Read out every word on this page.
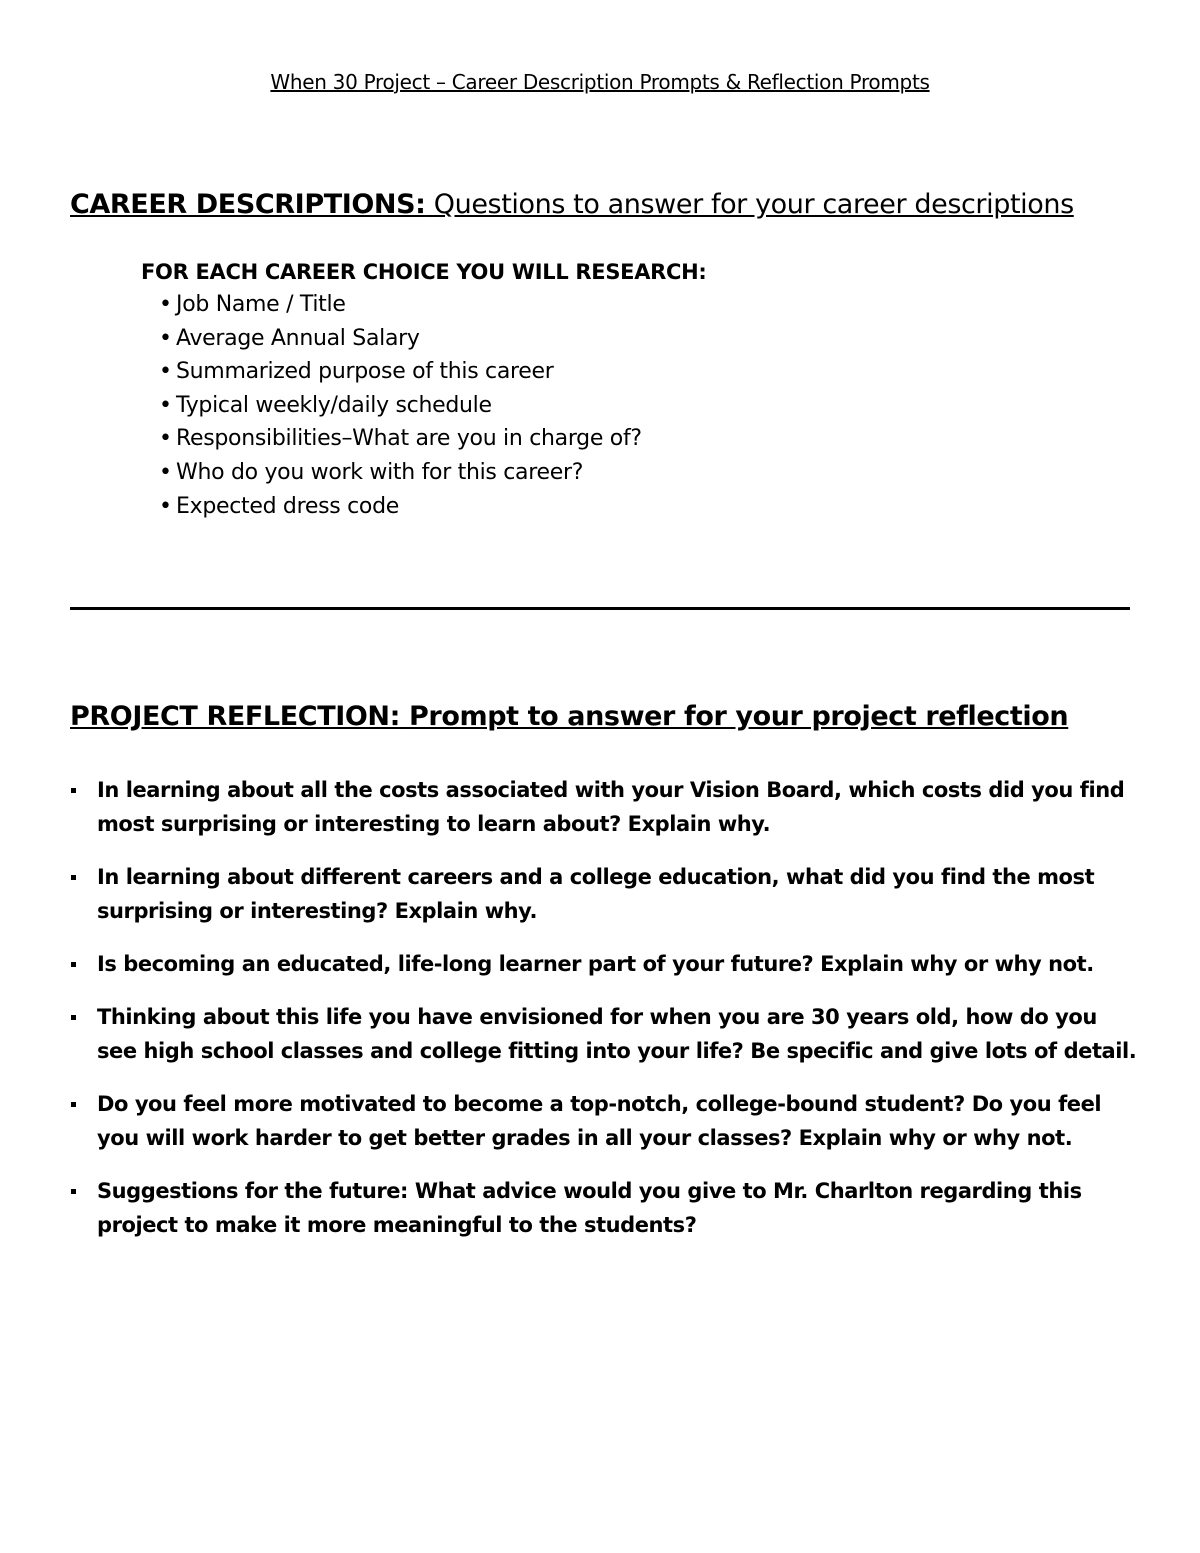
When 30 Project – Career Description Prompts & Reflection Prompts
CAREER DESCRIPTIONS: Questions to answer for your career descriptions
FOR EACH CAREER CHOICE YOU WILL RESEARCH:
• Job Name / Title
• Average Annual Salary
• Summarized purpose of this career
• Typical weekly/daily schedule
• Responsibilities–What are you in charge of?
• Who do you work with for this career?
• Expected dress code
PROJECT REFLECTION: Prompt to answer for your project reflection
In learning about all the costs associated with your Vision Board, which costs did you find most surprising or interesting to learn about? Explain why.
In learning about different careers and a college education, what did you find the most surprising or interesting? Explain why.
Is becoming an educated, life-long learner part of your future? Explain why or why not.
Thinking about this life you have envisioned for when you are 30 years old, how do you see high school classes and college fitting into your life? Be specific and give lots of detail.
Do you feel more motivated to become a top-notch, college-bound student? Do you feel you will work harder to get better grades in all your classes? Explain why or why not.
Suggestions for the future: What advice would you give to Mr. Charlton regarding this project to make it more meaningful to the students?
